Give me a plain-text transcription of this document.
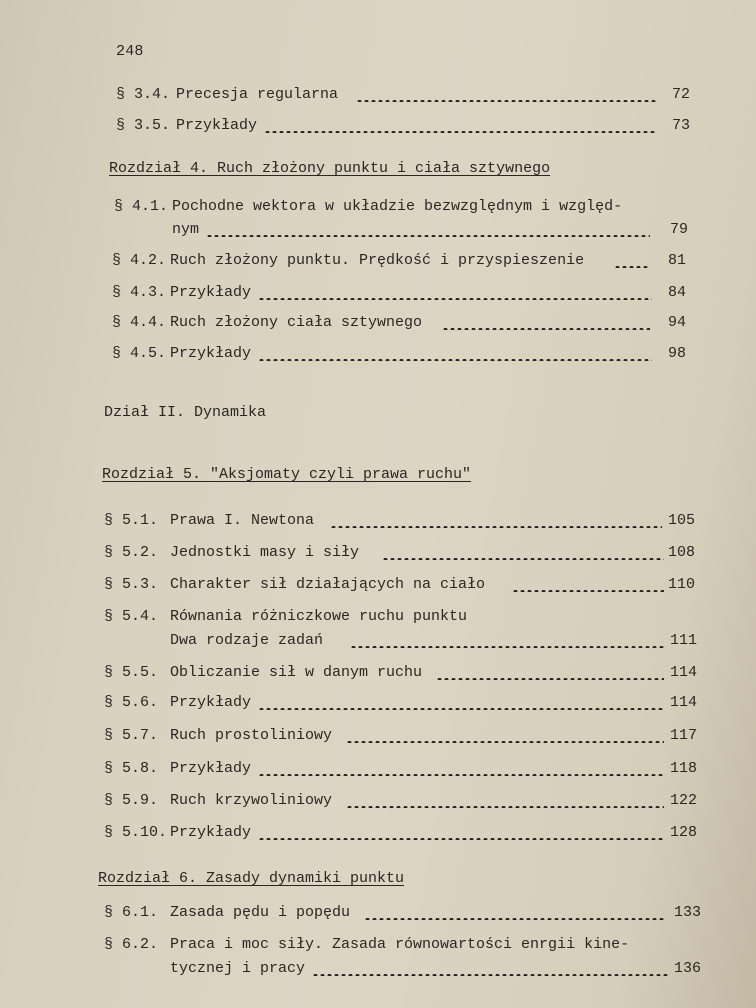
248
§ 3.4. Precesja regularna	72
§ 3.5. Przykłady	73
Rozdział 4. Ruch złożony punktu i ciała sztywnego
§ 4.1. Pochodne wektora w układzie bezwzględnym i względ-
nym	79
§ 4.2. Ruch złożony punktu. Prędkość i przyspieszenie	81
§ 4.3. Przykłady	84
§ 4.4. Ruch złożony ciała sztywnego	94
§ 4.5. Przykłady	98
Dział II. Dynamika
Rozdział 5. "Aksjomaty czyli prawa ruchu"
§ 5.1. Prawa I. Newtona	105
§ 5.2. Jednostki masy i siły	108
§ 5.3. Charakter sił działających na ciało	110
§ 5.4. Równania różniczkowe ruchu punktu
Dwa rodzaje zadań	111
§ 5.5. Obliczanie sił w danym ruchu	114
§ 5.6. Przykłady	114
§ 5.7. Ruch prostoliniowy	117
§ 5.8. Przykłady	118
§ 5.9. Ruch krzywoliniowy	122
§ 5.10. Przykłady	128
Rozdział 6. Zasady dynamiki punktu
§ 6.1. Zasada pędu i popędu	133
§ 6.2. Praca i moc siły. Zasada równowartości enrgii kine-
tycznej i pracy	136
